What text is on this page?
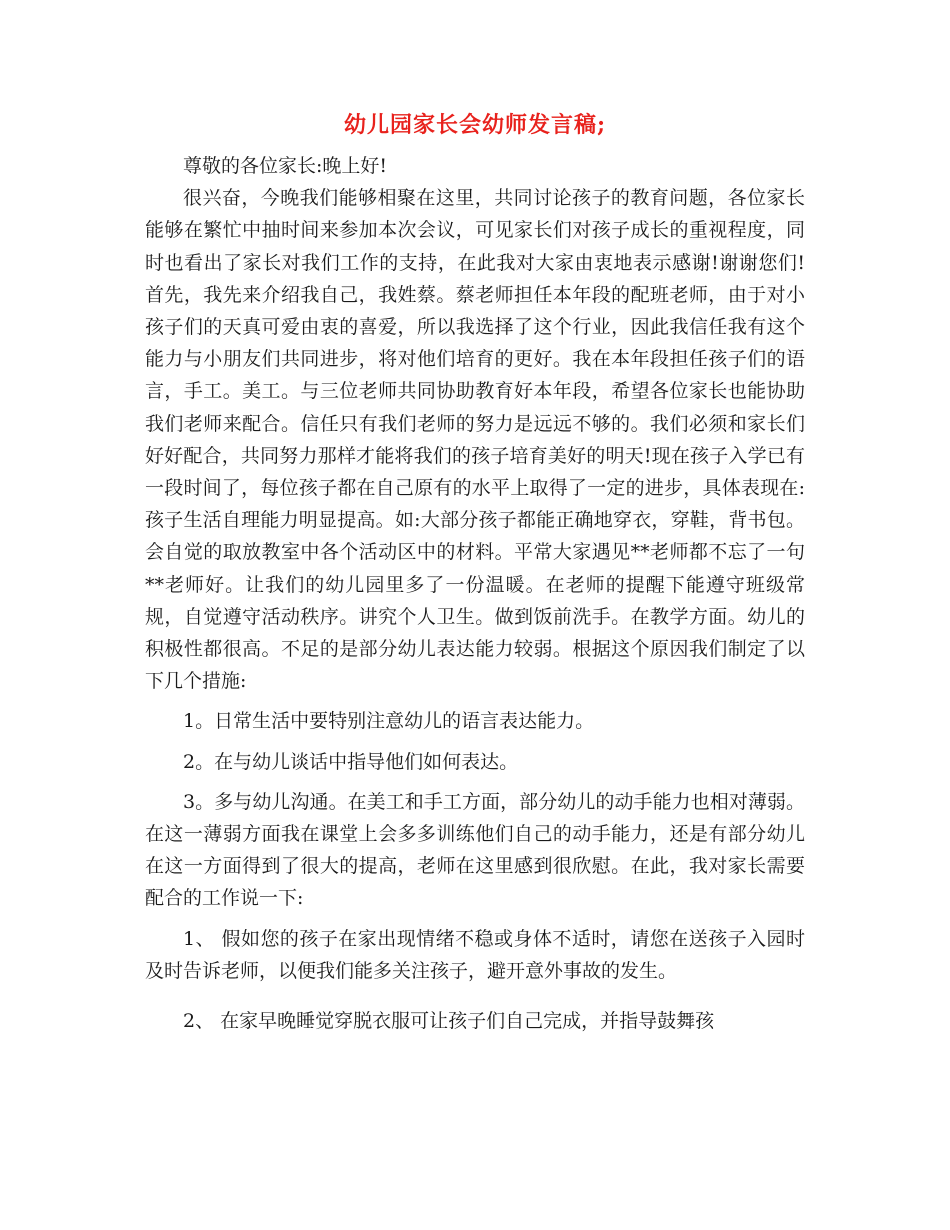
幼儿园家长会幼师发言稿;

尊敬的各位家长:晚上好!

很兴奋，今晚我们能够相聚在这里，共同讨论孩子的教育问题，各位家长能够在繁忙中抽时间来参加本次会议，可见家长们对孩子成长的重视程度，同时也看出了家长对我们工作的支持，在此我对大家由衷地表示感谢!谢谢您们!首先，我先来介绍我自己，我姓蔡。蔡老师担任本年段的配班老师，由于对小孩子们的天真可爱由衷的喜爱，所以我选择了这个行业，因此我信任我有这个能力与小朋友们共同进步，将对他们培育的更好。我在本年段担任孩子们的语言，手工。美工。与三位老师共同协助教育好本年段，希望各位家长也能协助我们老师来配合。信任只有我们老师的努力是远远不够的。我们必须和家长们好好配合，共同努力那样才能将我们的孩子培育美好的明天!现在孩子入学已有一段时间了，每位孩子都在自己原有的水平上取得了一定的进步，具体表现在:孩子生活自理能力明显提高。如:大部分孩子都能正确地穿衣，穿鞋，背书包。会自觉的取放教室中各个活动区中的材料。平常大家遇见**老师都不忘了一句**老师好。让我们的幼儿园里多了一份温暖。在老师的提醒下能遵守班级常规，自觉遵守活动秩序。讲究个人卫生。做到饭前洗手。在教学方面。幼儿的积极性都很高。不足的是部分幼儿表达能力较弱。根据这个原因我们制定了以下几个措施:

1。日常生活中要特别注意幼儿的语言表达能力。

2。在与幼儿谈话中指导他们如何表达。

3。多与幼儿沟通。在美工和手工方面，部分幼儿的动手能力也相对薄弱。在这一薄弱方面我在课堂上会多多训练他们自己的动手能力，还是有部分幼儿在这一方面得到了很大的提高，老师在这里感到很欣慰。在此，我对家长需要配合的工作说一下:

1、 假如您的孩子在家出现情绪不稳或身体不适时，请您在送孩子入园时及时告诉老师，以便我们能多关注孩子，避开意外事故的发生。

2、 在家早晚睡觉穿脱衣服可让孩子们自己完成，并指导鼓舞孩
